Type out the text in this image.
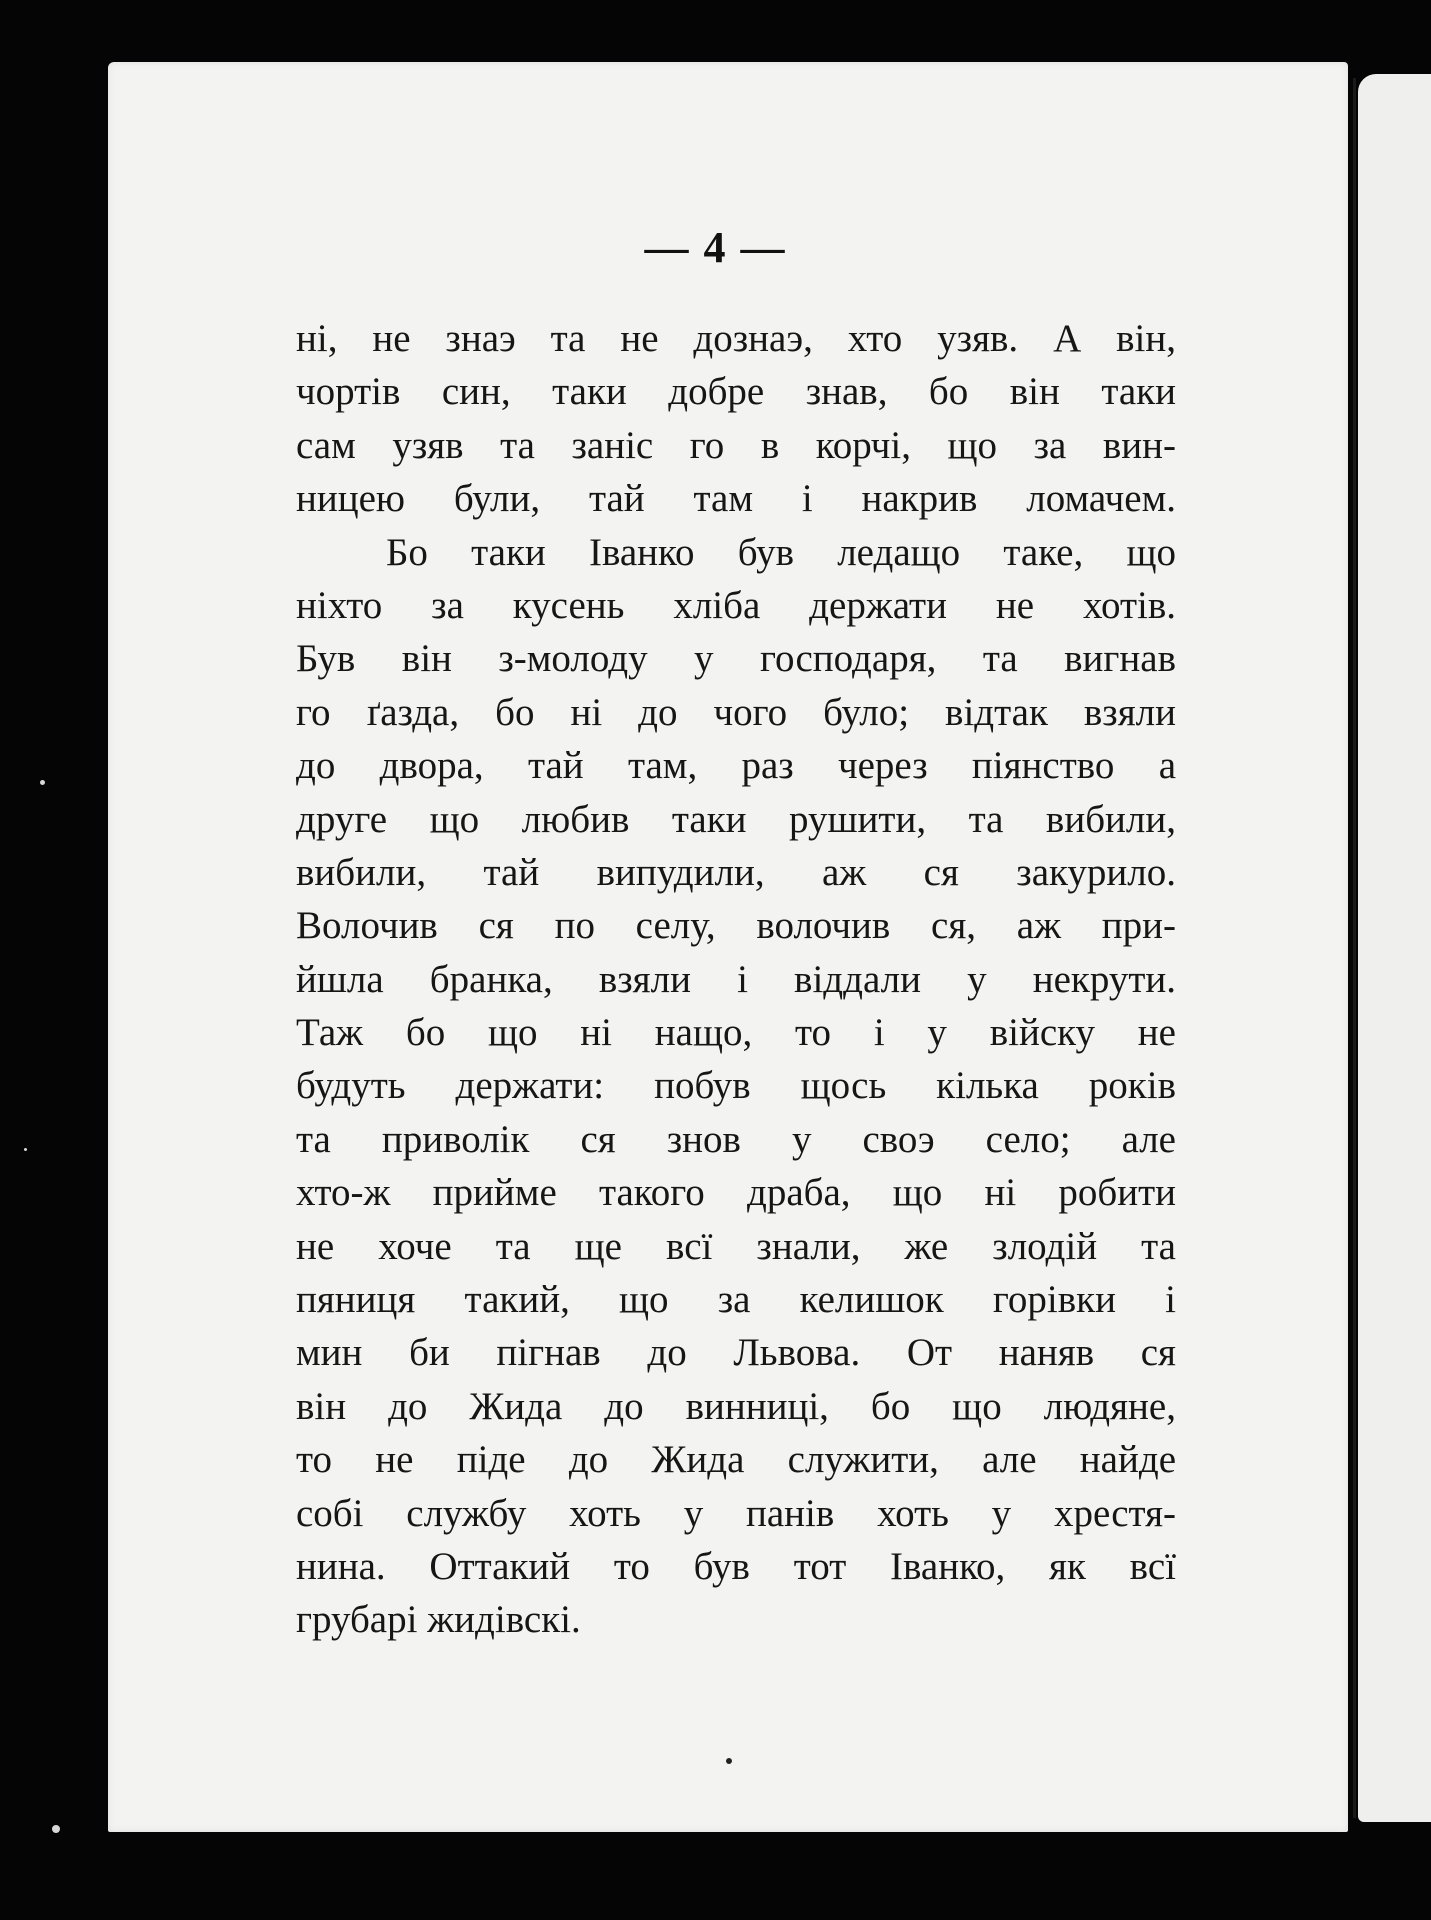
— 4 —
ні, не знаэ та не дознаэ, хто узяв. А він,
чортів син, таки добре знав, бо він таки
сам узяв та заніс го в корчі, що за вин-
ницею були, тай там і накрив ломачем.
Бо таки Іванко був ледащо таке, що
ніхто за кусень хліба держати не хотів.
Був він з-молоду у господаря, та вигнав
го ґазда, бо ні до чого було; відтак взяли
до двора, тай там, раз через піянство а
друге що любив таки рушити, та вибили,
вибили, тай випудили, аж ся закурило.
Волочив ся по селу, волочив ся, аж при-
йшла бранка, взяли і віддали у некрути.
Таж бо що ні нащо, то і у війску не
будуть держати: побув щось кілька років
та приволік ся знов у своэ село; але
хто-ж приймe такого драба, що ні робити
не хоче та ще всї знали, же злодій та
пяниця такий, що за келишок горівки і
мин би пігнав до Львова. От наняв ся
він до Жида до винниці, бо що людяне,
то не піде до Жида служити, але найде
собі службу хоть у панів хоть у хрестя-
нина. Оттакий то був тот Іванко, як всї
грубарі жидівскі.
